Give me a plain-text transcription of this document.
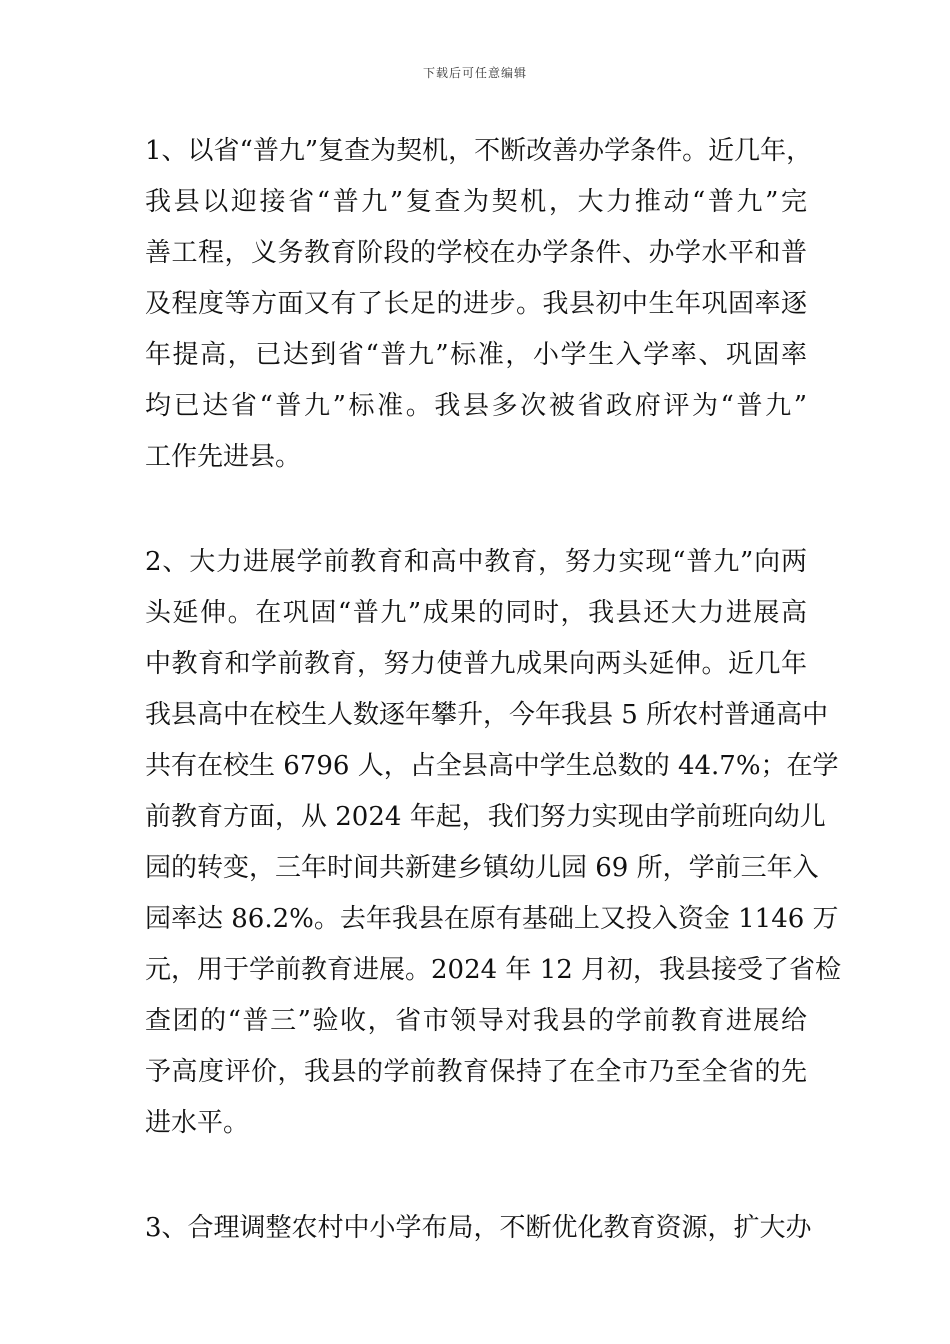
下载后可任意编辑
1、以省“普九”复查为契机，不断改善办学条件。近几年，
我县以迎接省“普九”复查为契机，大力推动“普九”完
善工程，义务教育阶段的学校在办学条件、办学水平和普
及程度等方面又有了长足的进步。我县初中生年巩固率逐
年提高，已达到省“普九”标准，小学生入学率、巩固率
均已达省“普九”标准。我县多次被省政府评为“普九”
工作先进县。
2、大力进展学前教育和高中教育，努力实现“普九”向两
头延伸。在巩固“普九”成果的同时，我县还大力进展高
中教育和学前教育，努力使普九成果向两头延伸。近几年
我县高中在校生人数逐年攀升，今年我县 5 所农村普通高中
共有在校生 6796 人，占全县高中学生总数的 44.7%；在学
前教育方面，从 2024 年起，我们努力实现由学前班向幼儿
园的转变，三年时间共新建乡镇幼儿园 69 所，学前三年入
园率达 86.2%。去年我县在原有基础上又投入资金 1146 万
元，用于学前教育进展。2024 年 12 月初，我县接受了省检
查团的“普三”验收，省市领导对我县的学前教育进展给
予高度评价，我县的学前教育保持了在全市乃至全省的先
进水平。
3、合理调整农村中小学布局，不断优化教育资源，扩大办
